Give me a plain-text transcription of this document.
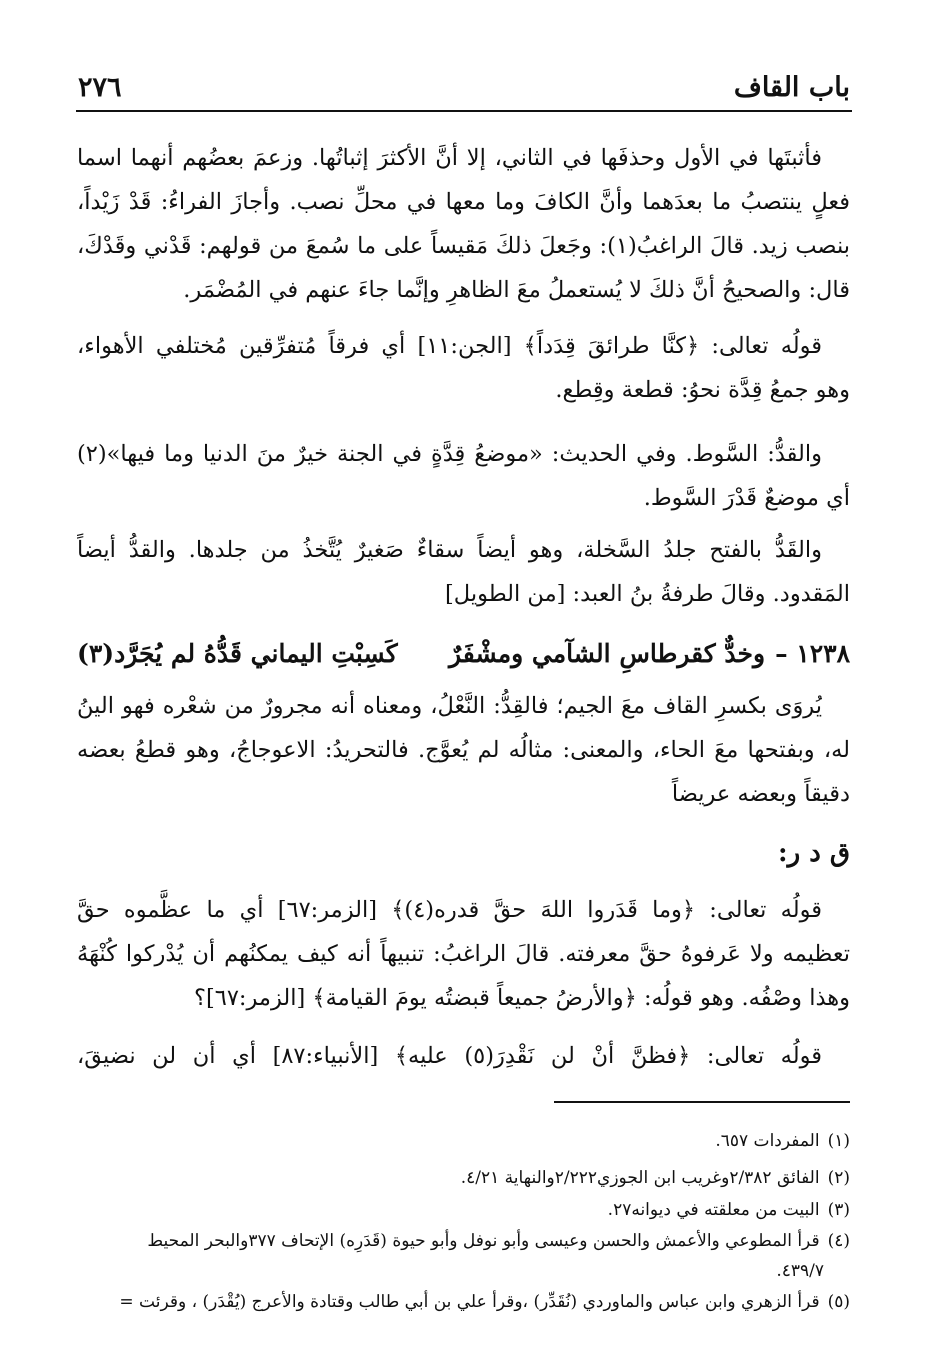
باب القاف
٢٧٦
فأثبتَها في الأول وحذفَها في الثاني، إلا أنَّ الأكثرَ إثباتُها. وزعمَ بعضُهم أنهما اسما
فعلٍ ينتصبُ ما بعدَهما وأنَّ الكافَ وما معها في محلِّ نصب. وأجازَ الفراءُ: قَدْ زَيْداً،
بنصب زيد. قالَ الراغبُ(١): وجَعلَ ذلكَ مَقيساً على ما سُمعَ من قولهم: قَدْني وقَدْكَ،
قال: والصحيحُ أنَّ ذلكَ لا يُستعملُ معَ الظاهرِ وإنَّما جاءَ عنهم في المُضْمَر.
قولُه تعالى: ﴿كنَّا طرائقَ قِدَداً﴾ [الجن:١١] أي فرقاً مُتفرِّقين مُختلفي الأهواء،
وهو جمعُ قِدَّة نحوُ: قطعة وقِطع.
والقدُّ: السَّوط. وفي الحديث: «موضعُ قِدَّةٍ في الجنة خيرٌ منَ الدنيا وما فيها»(٢)
أي موضعٌ قَدْرَ السَّوط.
والقَدُّ بالفتح جلدُ السَّخلة، وهو أيضاً سقاءٌ صَغيرٌ يُتَّخذُ من جلدها. والقدُّ أيضاً
المَقدود. وقالَ طرفةُ بنُ العبد: [من الطويل]
١٢٣٨ –
وخدٌّ كقرطاسِ الشآمي ومشْفَرٌ
كَسِبْتِ اليماني قَدُّهُ لم يُجَرَّد(٣)
يُروَى بكسرِ القاف معَ الجيم؛ فالقِدُّ: النَّعْلُ، ومعناه أنه مجرورٌ من شعْره فهو الينُ
له، وبفتحها معَ الحاء، والمعنى: مثالُه لم يُعوَّج. فالتحريدُ: الاعوجاجُ، وهو قطعُ بعضه
دقيقاً وبعضه عريضاً
ق د ر:
قولُه تعالى: ﴿وما قَدَروا اللهَ حقَّ قدره(٤)﴾ [الزمر:٦٧] أي ما عظَّموه حقَّ
تعظيمه ولا عَرفوهُ حقَّ معرفته. قالَ الراغبُ: تنبيهاً أنه كيف يمكنُهم أن يُدْركوا كُنْهَهُ
وهذا وصْفُه. وهو قولُه: ﴿والأرضُ جميعاً قبضتُه يومَ القيامة﴾ [الزمر:٦٧]؟
قولُه تعالى: ﴿فظنَّ أنْ لن نَقْدِرَ(٥) عليه﴾ [الأنبياء:٨٧] أي أن لن نضيقَ،
(١)المفردات ٦٥٧.
(٢)الفائق ٢/٣٨٢وغريب ابن الجوزي٢/٢٢٢والنهاية ٤/٢١.
(٣)البيت من معلقته في ديوانه٢٧.
(٤)قرأ المطوعي والأعمش والحسن وعيسى وأبو نوفل وأبو حيوة (قَدَرِه) الإتحاف ٣٧٧والبحر المحيط
٤٣٩/٧.
(٥)قرأ الزهري وابن عباس والماوردي (نُقَدِّر) ،وقرأ علي بن أبي طالب وقتادة والأعرج (يُقْدَر) ، وقرئت =
